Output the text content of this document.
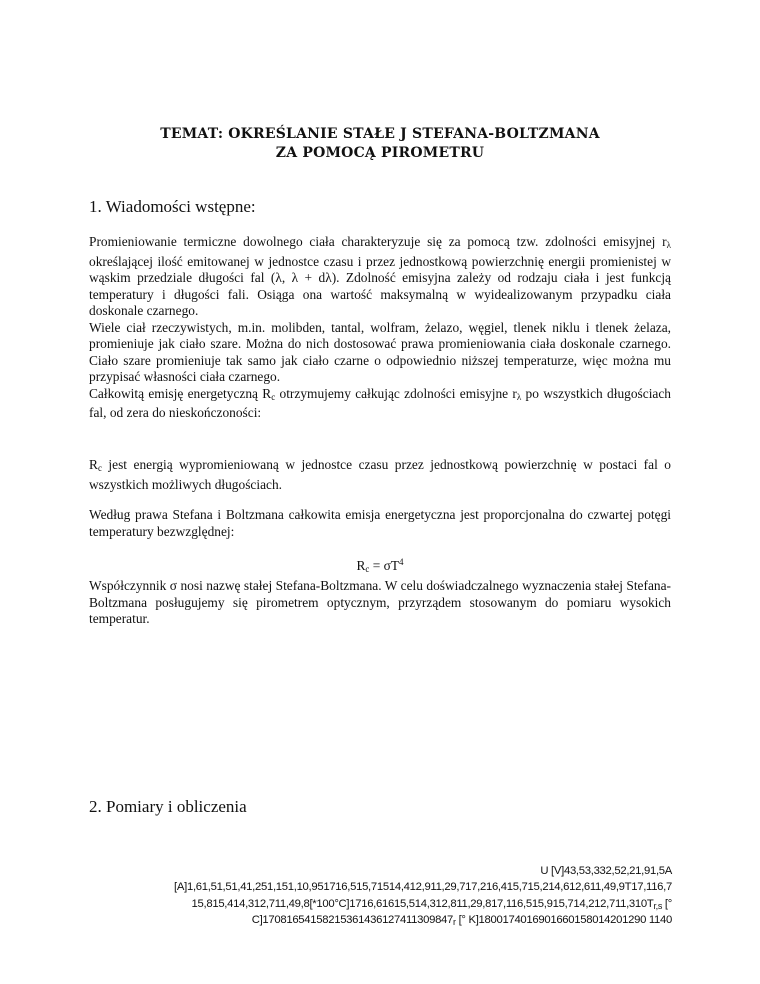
TEMAT: OKREŚLANIE STAŁE J STEFANA-BOLTZMANA
ZA POMOCĄ PIROMETRU
1. Wiadomości wstępne:

Promieniowanie termiczne dowolnego ciała charakteryzuje się za pomocą tzw. zdolności emisyjnej $r_\lambda$ określającej ilość emitowanej w jednostce czasu i przez jednostkową powierzchnię energii promienistej w wąskim przedziale długości fal (λ, λ + dλ). Zdolność emisyjna zależy od rodzaju ciała i jest funkcją temperatury i długości fali. Osiąga ona wartość maksymalną w wyidealizowanym przypadku ciała doskonale czarnego.
Wiele ciał rzeczywistych, m.in. molibden, tantal, wolfram, żelazo, węgiel, tlenek niklu i tlenek żelaza, promieniuje jak ciało szare. Można do nich dostosować prawa promieniowania ciała doskonale czarnego. Ciało szare promieniuje tak samo jak ciało czarne o odpowiednio niższej temperaturze, więc można mu przypisać własności ciała czarnego.
Całkowitą emisję energetyczną $R_c$ otrzymujemy całkując zdolności emisyjne $r_\lambda$ po wszystkich długościach fal, od zera do nieskończoności:

$R_c$ jest energią wypromieniowaną w jednostce czasu przez jednostkową powierzchnię w postaci fal o wszystkich możliwych długościach.

Według prawa Stefana i Boltzmana całkowita emisja energetyczna jest proporcjonalna do czwartej potęgi temperatury bezwzględnej:

$R_c = \sigma T^4$

Współczynnik σ nosi nazwę stałej Stefana-Boltzmana. W celu doświadczalnego wyznaczenia stałej Stefana-Boltzmana posługujemy się pirometrem optycznym, przyrządem stosowanym do pomiaru wysokich temperatur.

2. Pomiary i obliczenia
U [V]43,53,332,52,21,91,5A
[A]1,61,51,51,41,251,151,10,951716,515,71514,412,911,29,717,216,415,715,214,612,611,49,9T17,116,7
$15,815,414,312,711,49,8[*100^\circ C]1716,61615,514,312,811,29,817,116,515,915,714,212,711,310T_{r,s}$ [°
$C]17081654158215361436127411309847_r$ [° K]1800174016901660158014201290 1140
